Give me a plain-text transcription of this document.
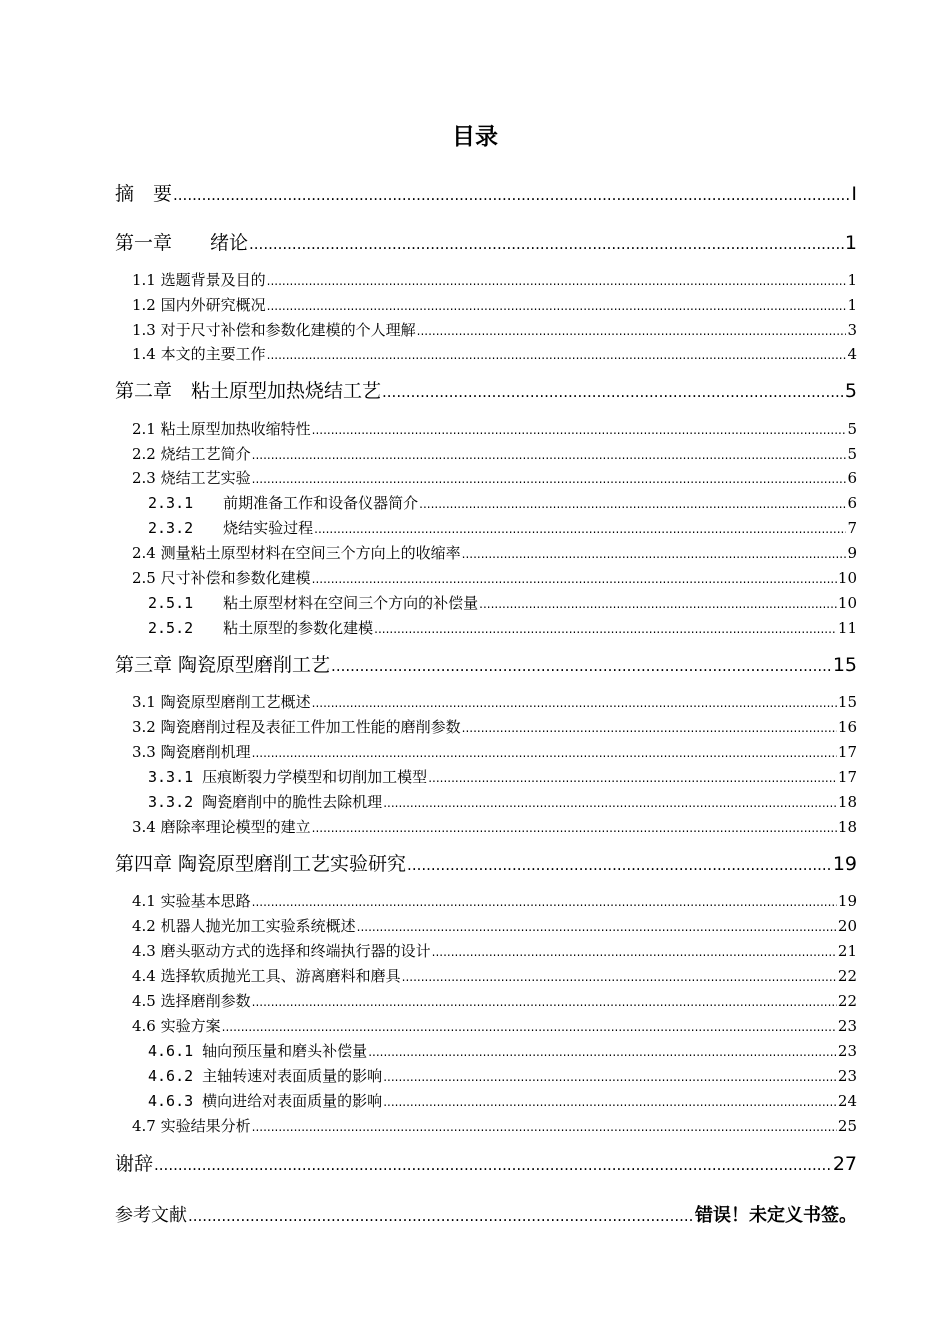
目录
摘　要 .....	I
第一章　　绪论 .....	1
1.1 选题背景及目的 .....	1
1.2 国内外研究概况 .....	1
1.3 对于尺寸补偿和参数化建模的个人理解 .....	3
1.4 本文的主要工作 .....	4
第二章　粘土原型加热烧结工艺 .....	5
2.1 粘土原型加热收缩特性 .....	5
2.2 烧结工艺简介 .....	5
2.3 烧结工艺实验 .....	6
2.3.1　　前期准备工作和设备仪器简介 .....	6
2.3.2　　烧结实验过程 .....	7
2.4 测量粘土原型材料在空间三个方向上的收缩率 .....	9
2.5 尺寸补偿和参数化建模 .....	10
2.5.1　　粘土原型材料在空间三个方向的补偿量 .....	10
2.5.2　　粘土原型的参数化建模 .....	11
第三章 陶瓷原型磨削工艺 .....	15
3.1 陶瓷原型磨削工艺概述 .....	15
3.2 陶瓷磨削过程及表征工件加工性能的磨削参数 .....	16
3.3 陶瓷磨削机理 .....	17
3.3.1 压痕断裂力学模型和切削加工模型 .....	17
3.3.2 陶瓷磨削中的脆性去除机理 .....	18
3.4 磨除率理论模型的建立 .....	18
第四章 陶瓷原型磨削工艺实验研究 .....	19
4.1 实验基本思路 .....	19
4.2 机器人抛光加工实验系统概述 .....	20
4.3 磨头驱动方式的选择和终端执行器的设计 .....	21
4.4 选择软质抛光工具、游离磨料和磨具 .....	22
4.5 选择磨削参数 .....	22
4.6 实验方案 .....	23
4.6.1 轴向预压量和磨头补偿量 .....	23
4.6.2 主轴转速对表面质量的影响 .....	23
4.6.3 横向进给对表面质量的影响 .....	24
4.7 实验结果分析 .....	25
谢辞 .....	27
参考文献 .....	错误！未定义书签。
